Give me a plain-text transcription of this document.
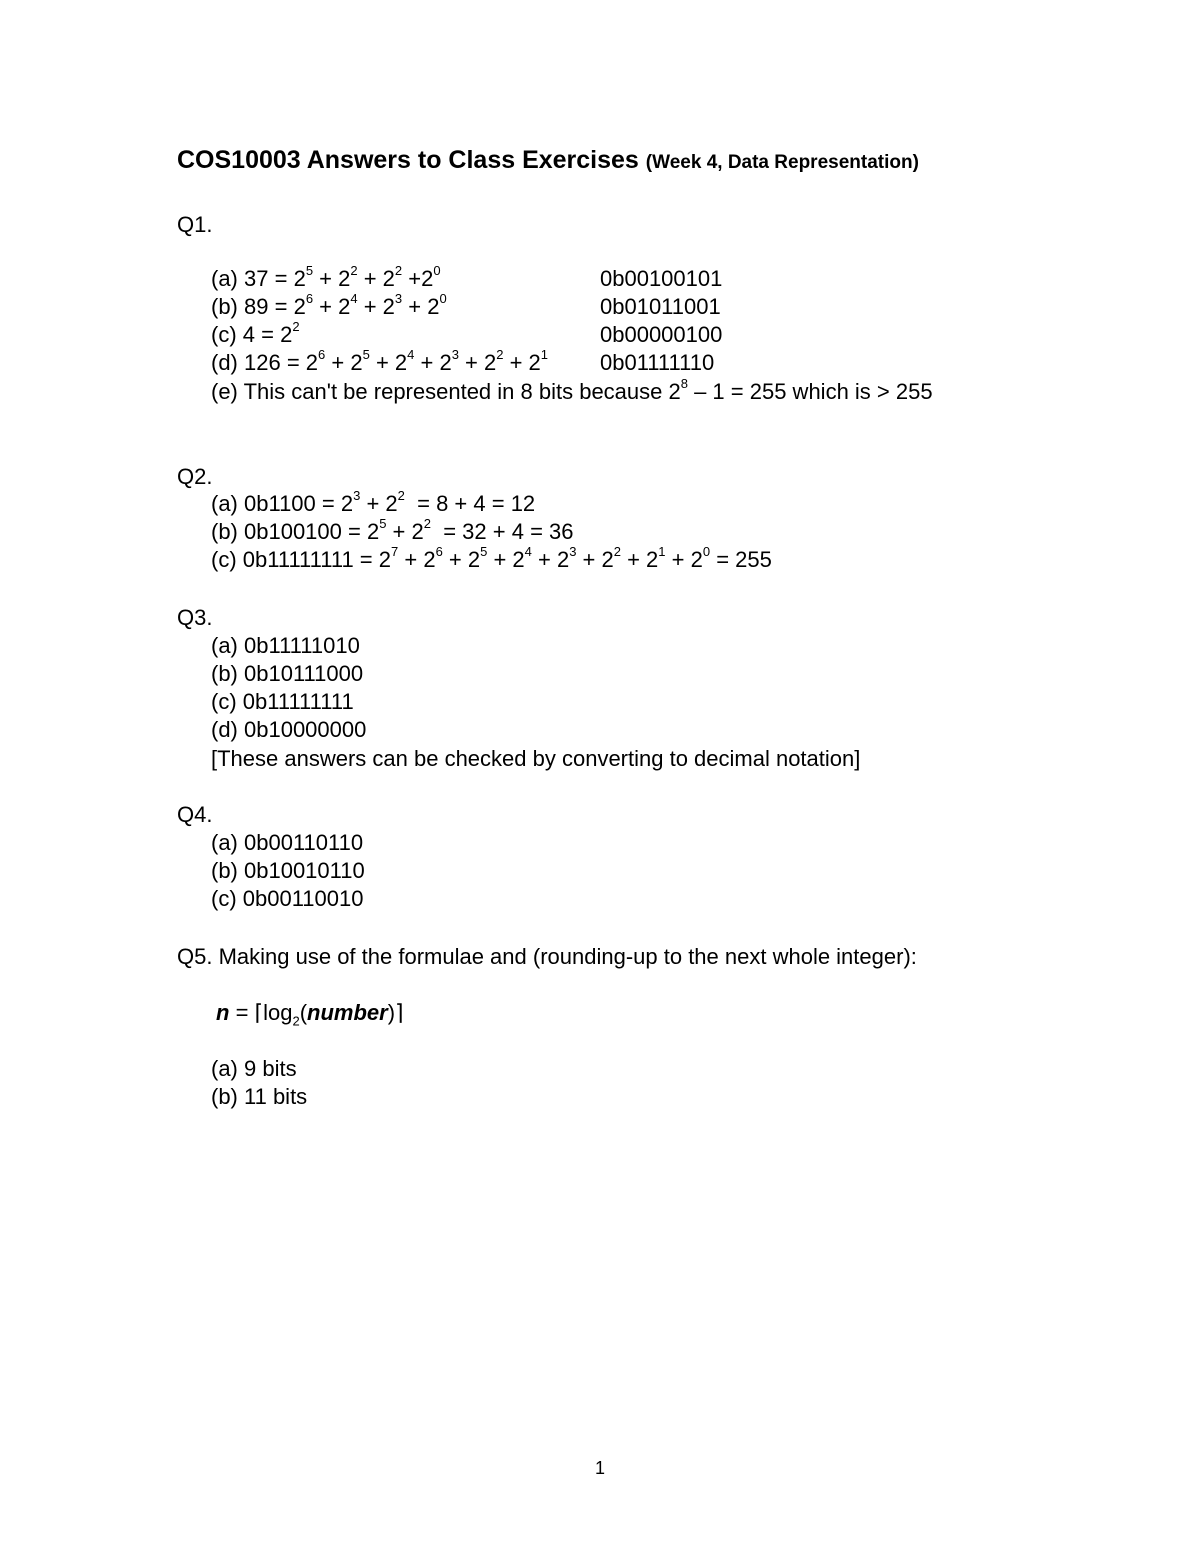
COS10003 Answers to Class Exercises (Week 4, Data Representation)
Q1.
(a) $37 = 2^5 + 2^2 + 2^2 +2^0$	0b00100101
(b) $89 = 2^6 + 2^4 + 2^3 + 2^0$	0b01011001
(c) $4 = 2^2$	0b00000100
(d) $126 = 2^6 + 2^5 + 2^4 + 2^3 + 2^2 + 2^1$ 0b01111110
(e) This can't be represented in 8 bits because $2^8 - 1 = 255$ which is > 255
Q2.
(a) $0b1100 = 2^3 + 2^2 = 8 + 4 = 12$
(b) $0b100100 = 2^5 + 2^2 = 32 + 4 = 36$
(c) $0b11111111 = 2^7 + 2^6 + 2^5 + 2^4 + 2^3 + 2^2 + 2^1 + 2^0 = 255$
Q3.
(a) 0b11111010
(b) 0b10111000
(c) 0b11111111
(d) 0b10000000
[These answers can be checked by converting to decimal notation]
Q4.
(a) 0b00110110
(b) 0b10010110
(c) 0b00110010
Q5. Making use of the formulae and (rounding-up to the next whole integer):
$n = ⌈\log_2(number)⌉$
(a) 9 bits
(b) 11 bits
1
